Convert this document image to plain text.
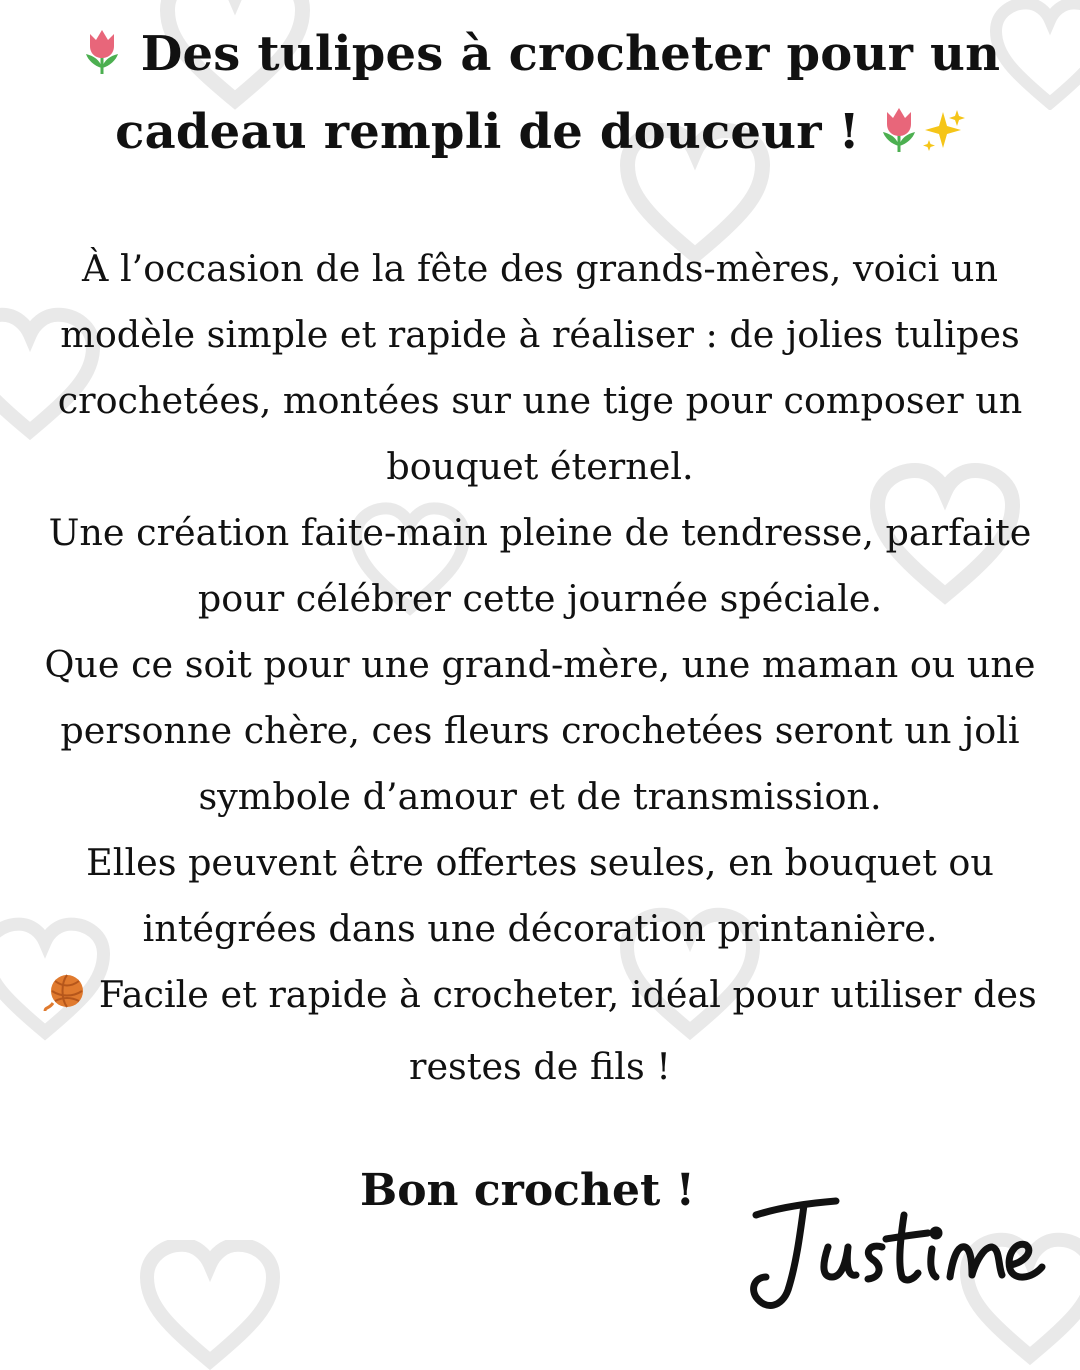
Des tulipes à crocheter pour un
cadeau rempli de douceur !

À l’occasion de la fête des grands-mères, voici un modèle simple et rapide à réaliser : de jolies tulipes crochetées, montées sur une tige pour composer un bouquet éternel.

Une création faite-main pleine de tendresse, parfaite pour célébrer cette journée spéciale.

Que ce soit pour une grand-mère, une maman ou une personne chère, ces fleurs crochetées seront un joli symbole d’amour et de transmission.

Elles peuvent être offertes seules, en bouquet ou intégrées dans une décoration printanière.

Facile et rapide à crocheter, idéal pour utiliser des restes de fils !

Bon crochet !
